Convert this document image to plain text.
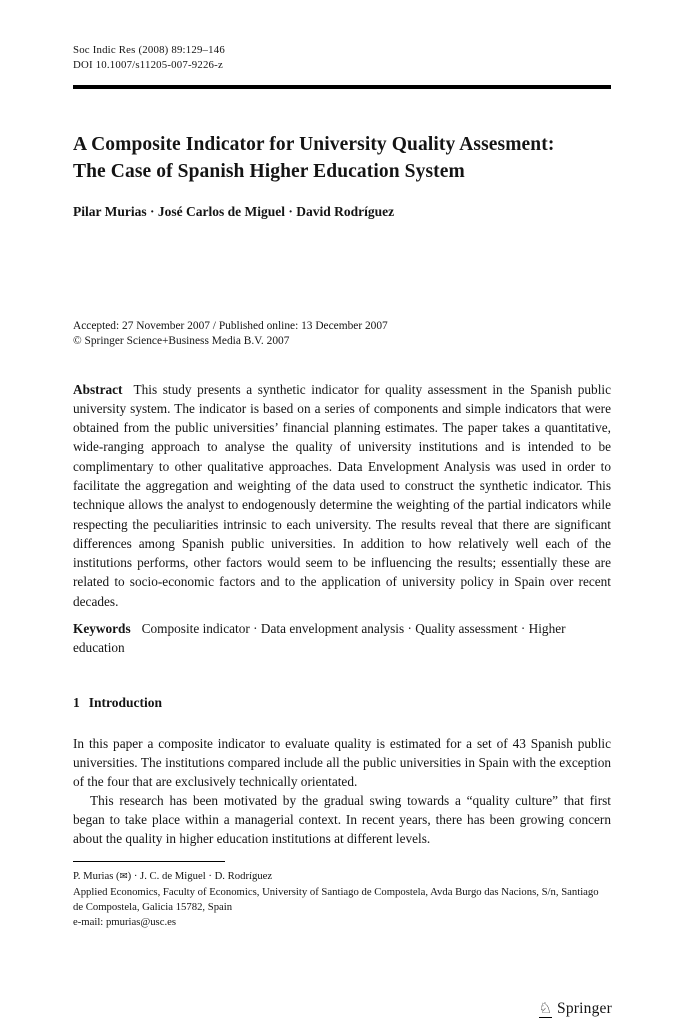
Soc Indic Res (2008) 89:129–146
DOI 10.1007/s11205-007-9226-z
A Composite Indicator for University Quality Assesment:
The Case of Spanish Higher Education System
Pilar Murias · José Carlos de Miguel · David Rodríguez
Accepted: 27 November 2007 / Published online: 13 December 2007
© Springer Science+Business Media B.V. 2007

Abstract This study presents a synthetic indicator for quality assessment in the Spanish public university system. The indicator is based on a series of components and simple indicators that were obtained from the public universities’ financial planning estimates. The paper takes a quantitative, wide-ranging approach to analyse the quality of university institutions and is intended to be complimentary to other qualitative approaches. Data Envelopment Analysis was used in order to facilitate the aggregation and weighting of the data used to construct the synthetic indicator. This technique allows the analyst to endogenously determine the weighting of the partial indicators while respecting the peculiarities intrinsic to each university. The results reveal that there are significant differences among Spanish public universities. In addition to how relatively well each of the institutions performs, other factors would seem to be influencing the results; essentially these are related to socio-economic factors and to the application of university policy in Spain over recent decades.

Keywords Composite indicator · Data envelopment analysis · Quality assessment · Higher education

1 Introduction

In this paper a composite indicator to evaluate quality is estimated for a set of 43 Spanish public universities. The institutions compared include all the public universities in Spain with the exception of the four that are exclusively technically orientated.

This research has been motivated by the gradual swing towards a “quality culture” that first began to take place within a managerial context. In recent years, there has been growing concern about the quality in higher education institutions at different levels.

P. Murias (✉) · J. C. de Miguel · D. Rodríguez
Applied Economics, Faculty of Economics, University of Santiago de Compostela, Avda Burgo das Nacions, S/n, Santiago de Compostela, Galicia 15782, Spain
e-mail: pmurias@usc.es
♘ Springer
